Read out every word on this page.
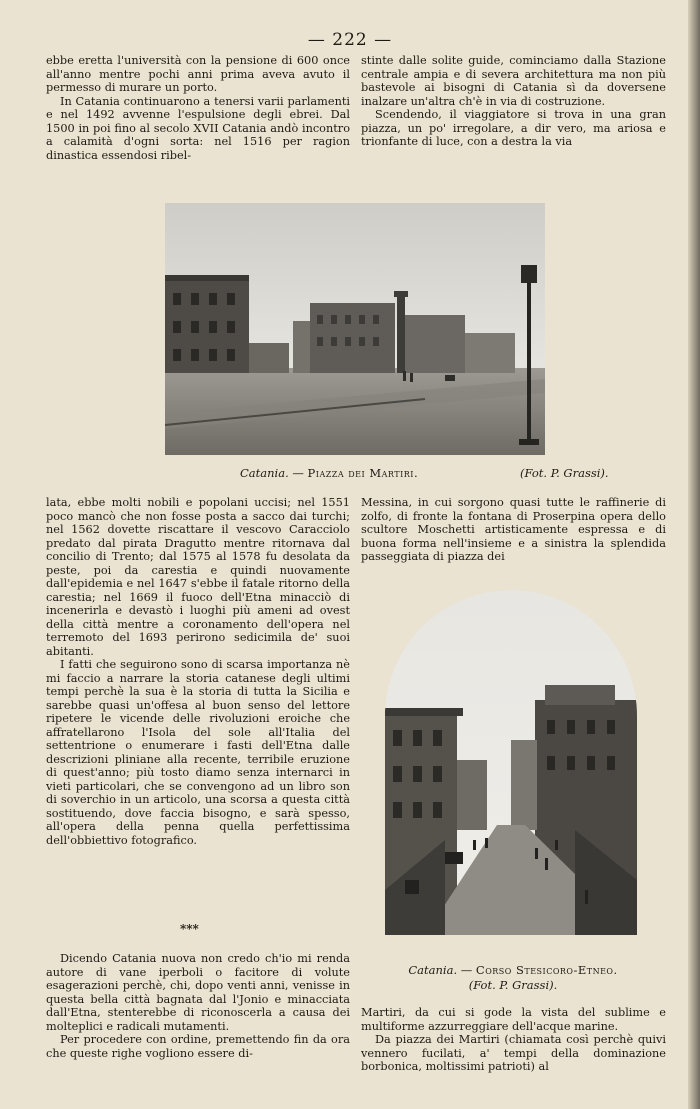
— 222 —

ebbe eretta l'università con la pensione di 600 once all'anno mentre pochi anni prima aveva avuto il permesso di murare un porto.

In Catania continuarono a tenersi varii parlamenti e nel 1492 avvenne l'espulsione degli ebrei. Dal 1500 in poi fino al secolo XVII Catania andò incontro a calamità d'ogni sorta: nel 1516 per ragion dinastica essendosi ribel-

stinte dalle solite guide, cominciamo dalla Stazione centrale ampia e di severa architettura ma non più bastevole ai bisogni di Catania sì da doversene inalzare un'altra ch'è in via di costruzione.

Scendendo, il viaggiatore si trova in una gran piazza, un po' irregolare, a dir vero, ma ariosa e trionfante di luce, con a destra la via

Catania. — Piazza dei Martiri.	(Fot. P. Grassi).

lata, ebbe molti nobili e popolani uccisi; nel 1551 poco mancò che non fosse posta a sacco dai turchi; nel 1562 dovette riscattare il vescovo Caracciolo predato dal pirata Dragutto mentre ritornava dal concilio di Trento; dal 1575 al 1578 fu desolata da peste, poi da carestia e quindi nuovamente dall'epidemia e nel 1647 s'ebbe il fatale ritorno della carestia; nel 1669 il fuoco dell'Etna minacciò di incenerirla e devastò i luoghi più ameni ad ovest della città mentre a coronamento dell'opera nel terremoto del 1693 perirono sedicimila de' suoi abitanti.

I fatti che seguirono sono di scarsa importanza nè mi faccio a narrare la storia catanese degli ultimi tempi perchè la sua è la storia di tutta la Sicilia e sarebbe quasi un'offesa al buon senso del lettore ripetere le vicende delle rivoluzioni eroiche che affratellarono l'Isola del sole all'Italia del settentrione o enumerare i fasti dell'Etna dalle descrizioni pliniane alla recente, terribile eruzione di quest'anno; più tosto diamo senza internarci in vieti particolari, che se convengono ad un libro son di soverchio in un articolo, una scorsa a questa città sostituendo, dove faccia bisogno, e sarà spesso, all'opera della penna quella perfettissima dell'obbiettivo fotografico.

***

Dicendo Catania nuova non credo ch'io mi renda autore di vane iperboli o facitore di volute esagerazioni perchè, chi, dopo venti anni, venisse in questa bella città bagnata dal l'Jonio e minacciata dall'Etna, stenterebbe di riconoscerla a causa dei molteplici e radicali mutamenti.

Per procedere con ordine, premettendo fin da ora che queste righe vogliono essere di-

Messina, in cui sorgono quasi tutte le raffinerie di zolfo, di fronte la fontana di Proserpina opera dello scultore Moschetti artisticamente espressa e di buona forma nell'insieme e a sinistra la splendida passeggiata di piazza dei

Catania. — Corso Stesicoro-Etneo.
(Fot. P. Grassi).

Martiri, da cui si gode la vista del sublime e multiforme azzurreggiare dell'acque marine.

Da piazza dei Martiri (chiamata così perchè quivi vennero fucilati, a' tempi della dominazione borbonica, moltissimi patrioti) al
